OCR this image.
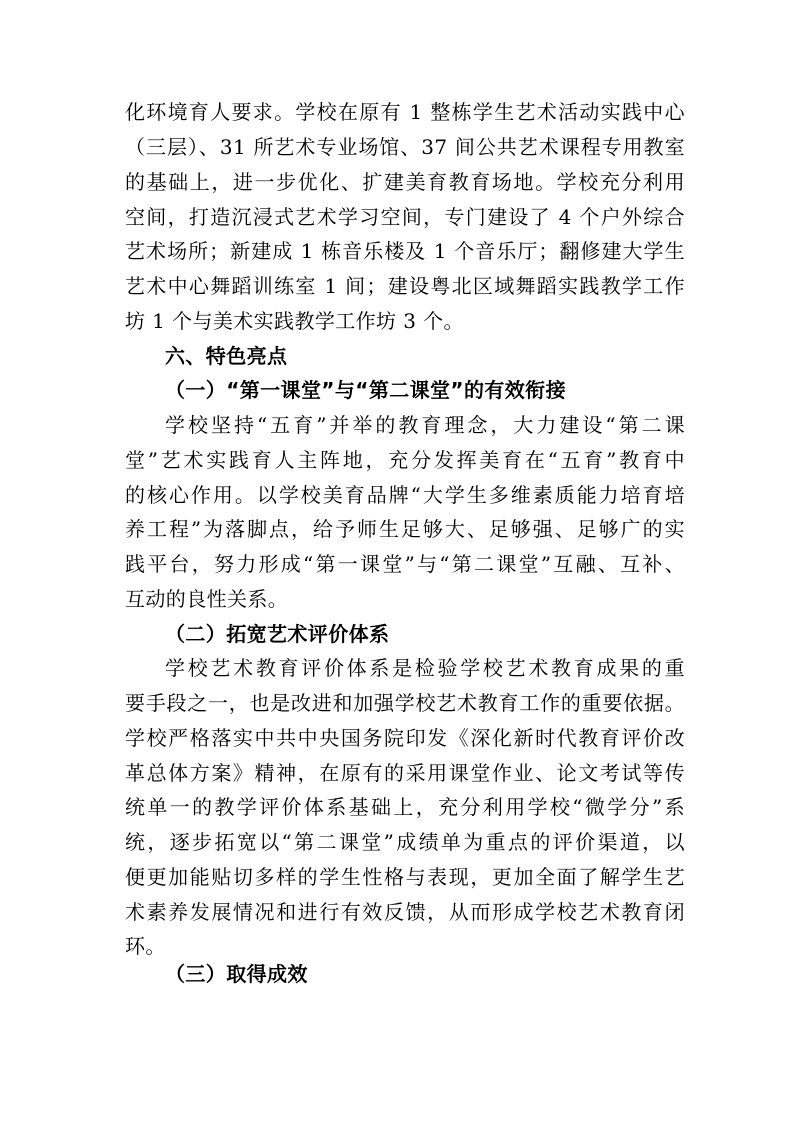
化环境育人要求。学校在原有 1 整栋学生艺术活动实践中心
（三层）、31 所艺术专业场馆、37 间公共艺术课程专用教室
的基础上，进一步优化、扩建美育教育场地。学校充分利用
空间，打造沉浸式艺术学习空间，专门建设了 4 个户外综合
艺术场所；新建成 1 栋音乐楼及 1 个音乐厅；翻修建大学生
艺术中心舞蹈训练室 1 间；建设粤北区域舞蹈实践教学工作
坊 1 个与美术实践教学工作坊 3 个。
六、特色亮点
（一）“第一课堂”与“第二课堂”的有效衔接
学校坚持“五育”并举的教育理念，大力建设“第二课
堂”艺术实践育人主阵地，充分发挥美育在“五育”教育中
的核心作用。以学校美育品牌“大学生多维素质能力培育培
养工程”为落脚点，给予师生足够大、足够强、足够广的实
践平台，努力形成“第一课堂”与“第二课堂”互融、互补、
互动的良性关系。
（二）拓宽艺术评价体系
学校艺术教育评价体系是检验学校艺术教育成果的重
要手段之一，也是改进和加强学校艺术教育工作的重要依据。
学校严格落实中共中央国务院印发《深化新时代教育评价改
革总体方案》精神，在原有的采用课堂作业、论文考试等传
统单一的教学评价体系基础上，充分利用学校“微学分”系
统，逐步拓宽以“第二课堂”成绩单为重点的评价渠道，以
便更加能贴切多样的学生性格与表现，更加全面了解学生艺
术素养发展情况和进行有效反馈，从而形成学校艺术教育闭
环。
（三）取得成效
